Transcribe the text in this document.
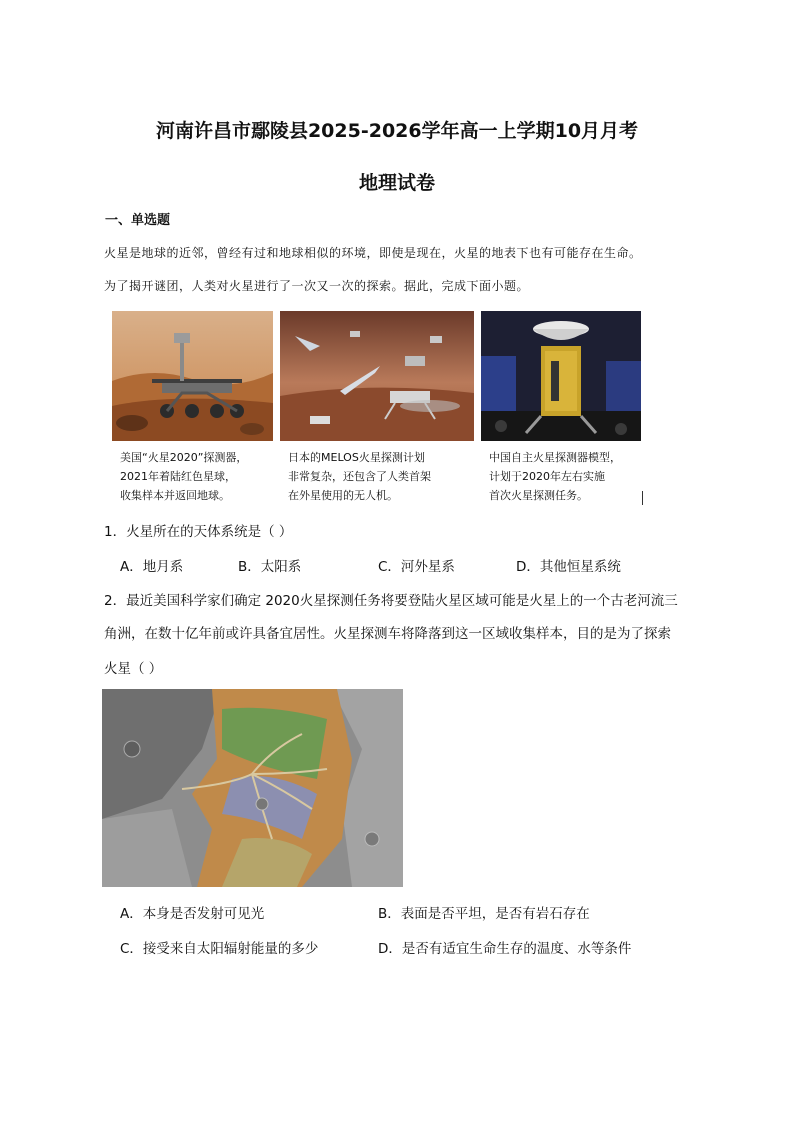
河南许昌市鄢陵县2025-2026学年高一上学期10月月考
地理试卷
一、单选题
火星是地球的近邻，曾经有过和地球相似的环境，即使是现在，火星的地表下也有可能存在生命。
为了揭开谜团，人类对火星进行了一次又一次的探索。据此，完成下面小题。
美国“火星2020”探测器，
2021年着陆红色星球，
收集样本并返回地球。
日本的MELOS火星探测计划
非常复杂，还包含了人类首架
在外星使用的无人机。
中国自主火星探测器模型，
计划于2020年左右实施
首次火星探测任务。
1．火星所在的天体系统是（ ）
A．地月系	B．太阳系	C．河外星系	D．其他恒星系统
2．最近美国科学家们确定 2020火星探测任务将要登陆火星区域可能是火星上的一个古老河流三
角洲，在数十亿年前或许具备宜居性。火星探测车将降落到这一区域收集样本，目的是为了探索
火星（ ）
A．本身是否发射可见光	B．表面是否平坦，是否有岩石存在
C．接受来自太阳辐射能量的多少	D．是否有适宜生命生存的温度、水等条件
